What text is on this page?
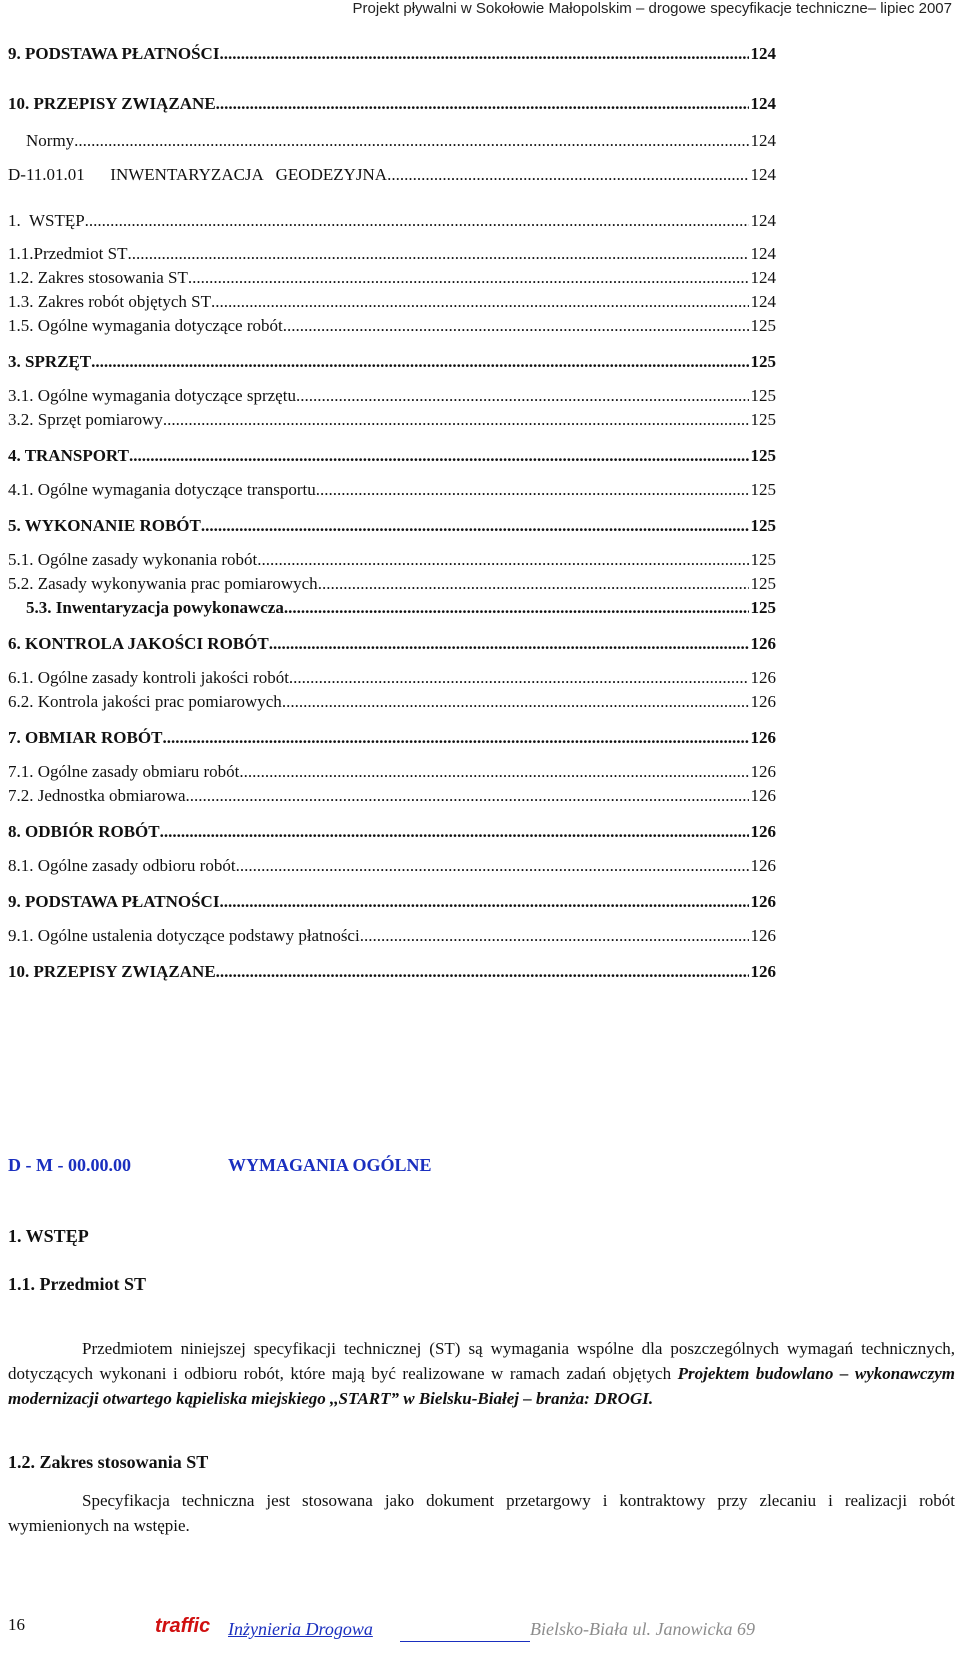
Projekt pływalni w Sokołowie Małopolskim – drogowe specyfikacje techniczne– lipiec 2007
9. PODSTAWA PŁATNOŚCI .....	124
10. PRZEPISY ZWIĄZANE .....	124
Normy .....	124
D-11.01.01      INWENTARYZACJA   GEODEZYJNA .....	124
1.  WSTĘP .....	124
1.1.Przedmiot ST .....	124
1.2. Zakres stosowania ST .....	124
1.3. Zakres robót objętych ST .....	124
1.5. Ogólne wymagania dotyczące robót .....	125
3. SPRZĘT .....	125
3.1. Ogólne wymagania dotyczące sprzętu .....	125
3.2. Sprzęt pomiarowy .....	125
4. TRANSPORT .....	125
4.1. Ogólne wymagania dotyczące transportu .....	125
5. WYKONANIE ROBÓT .....	125
5.1. Ogólne zasady wykonania robót .....	125
5.2. Zasady wykonywania prac pomiarowych .....	125
5.3. Inwentaryzacja powykonawcza .....	125
6. KONTROLA JAKOŚCI ROBÓT .....	126
6.1. Ogólne zasady kontroli jakości robót .....	126
6.2. Kontrola jakości prac pomiarowych .....	126
7. OBMIAR ROBÓT .....	126
7.1. Ogólne zasady obmiaru robót .....	126
7.2. Jednostka obmiarowa .....	126
8. ODBIÓR ROBÓT .....	126
8.1. Ogólne zasady odbioru robót .....	126
9. PODSTAWA PŁATNOŚCI .....	126
9.1. Ogólne ustalenia dotyczące podstawy płatności .....	126
10. PRZEPISY ZWIĄZANE .....	126
D - M - 00.00.00	WYMAGANIA OGÓLNE
1. WSTĘP
1.1. Przedmiot ST
Przedmiotem niniejszej specyfikacji technicznej (ST) są wymagania wspólne dla poszczególnych wymagań technicznych, dotyczących wykonani i odbioru robót, które mają być realizowane w ramach zadań objętych Projektem budowlano – wykonawczym modernizacji otwartego kąpieliska miejskiego ,,START” w Bielsku-Białej – branża: DROGI.
1.2. Zakres stosowania ST
Specyfikacja techniczna jest stosowana jako dokument przetargowy i kontraktowy przy zlecaniu i realizacji robót wymienionych na wstępie.
16	traffic Inżynieria Drogowa	Bielsko-Biała ul. Janowicka 69
